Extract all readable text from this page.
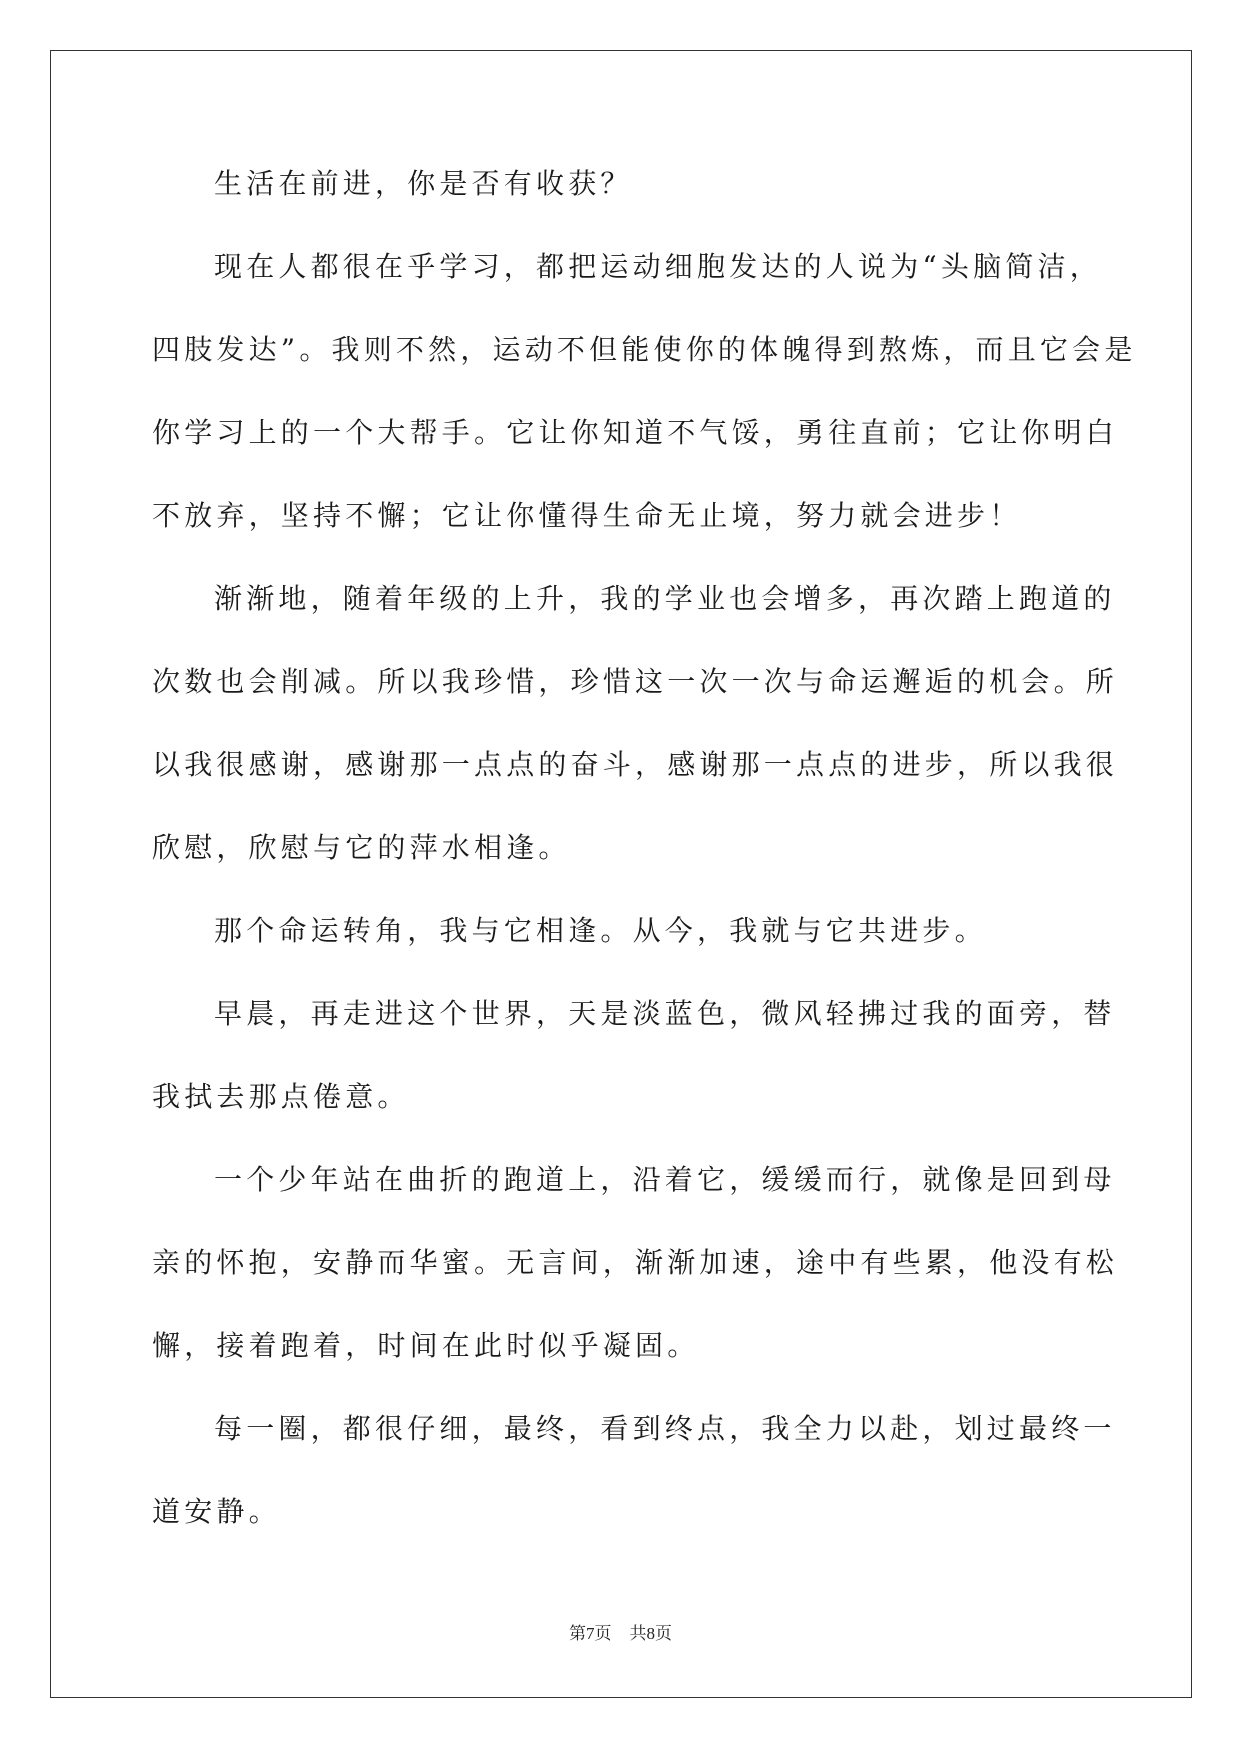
生活在前进，你是否有收获？
现在人都很在乎学习，都把运动细胞发达的人说为“头脑简洁，
四肢发达”。我则不然，运动不但能使你的体魄得到熬炼，而且它会是
你学习上的一个大帮手。它让你知道不气馁，勇往直前；它让你明白
不放弃，坚持不懈；它让你懂得生命无止境，努力就会进步！
渐渐地，随着年级的上升，我的学业也会增多，再次踏上跑道的
次数也会削减。所以我珍惜，珍惜这一次一次与命运邂逅的机会。所
以我很感谢，感谢那一点点的奋斗，感谢那一点点的进步，所以我很
欣慰，欣慰与它的萍水相逢。
那个命运转角，我与它相逢。从今，我就与它共进步。
早晨，再走进这个世界，天是淡蓝色，微风轻拂过我的面旁，替
我拭去那点倦意。
一个少年站在曲折的跑道上，沿着它，缓缓而行，就像是回到母
亲的怀抱，安静而华蜜。无言间，渐渐加速，途中有些累，他没有松
懈，接着跑着，时间在此时似乎凝固。
每一圈，都很仔细，最终，看到终点，我全力以赴，划过最终一
道安静。
第7页 共8页
